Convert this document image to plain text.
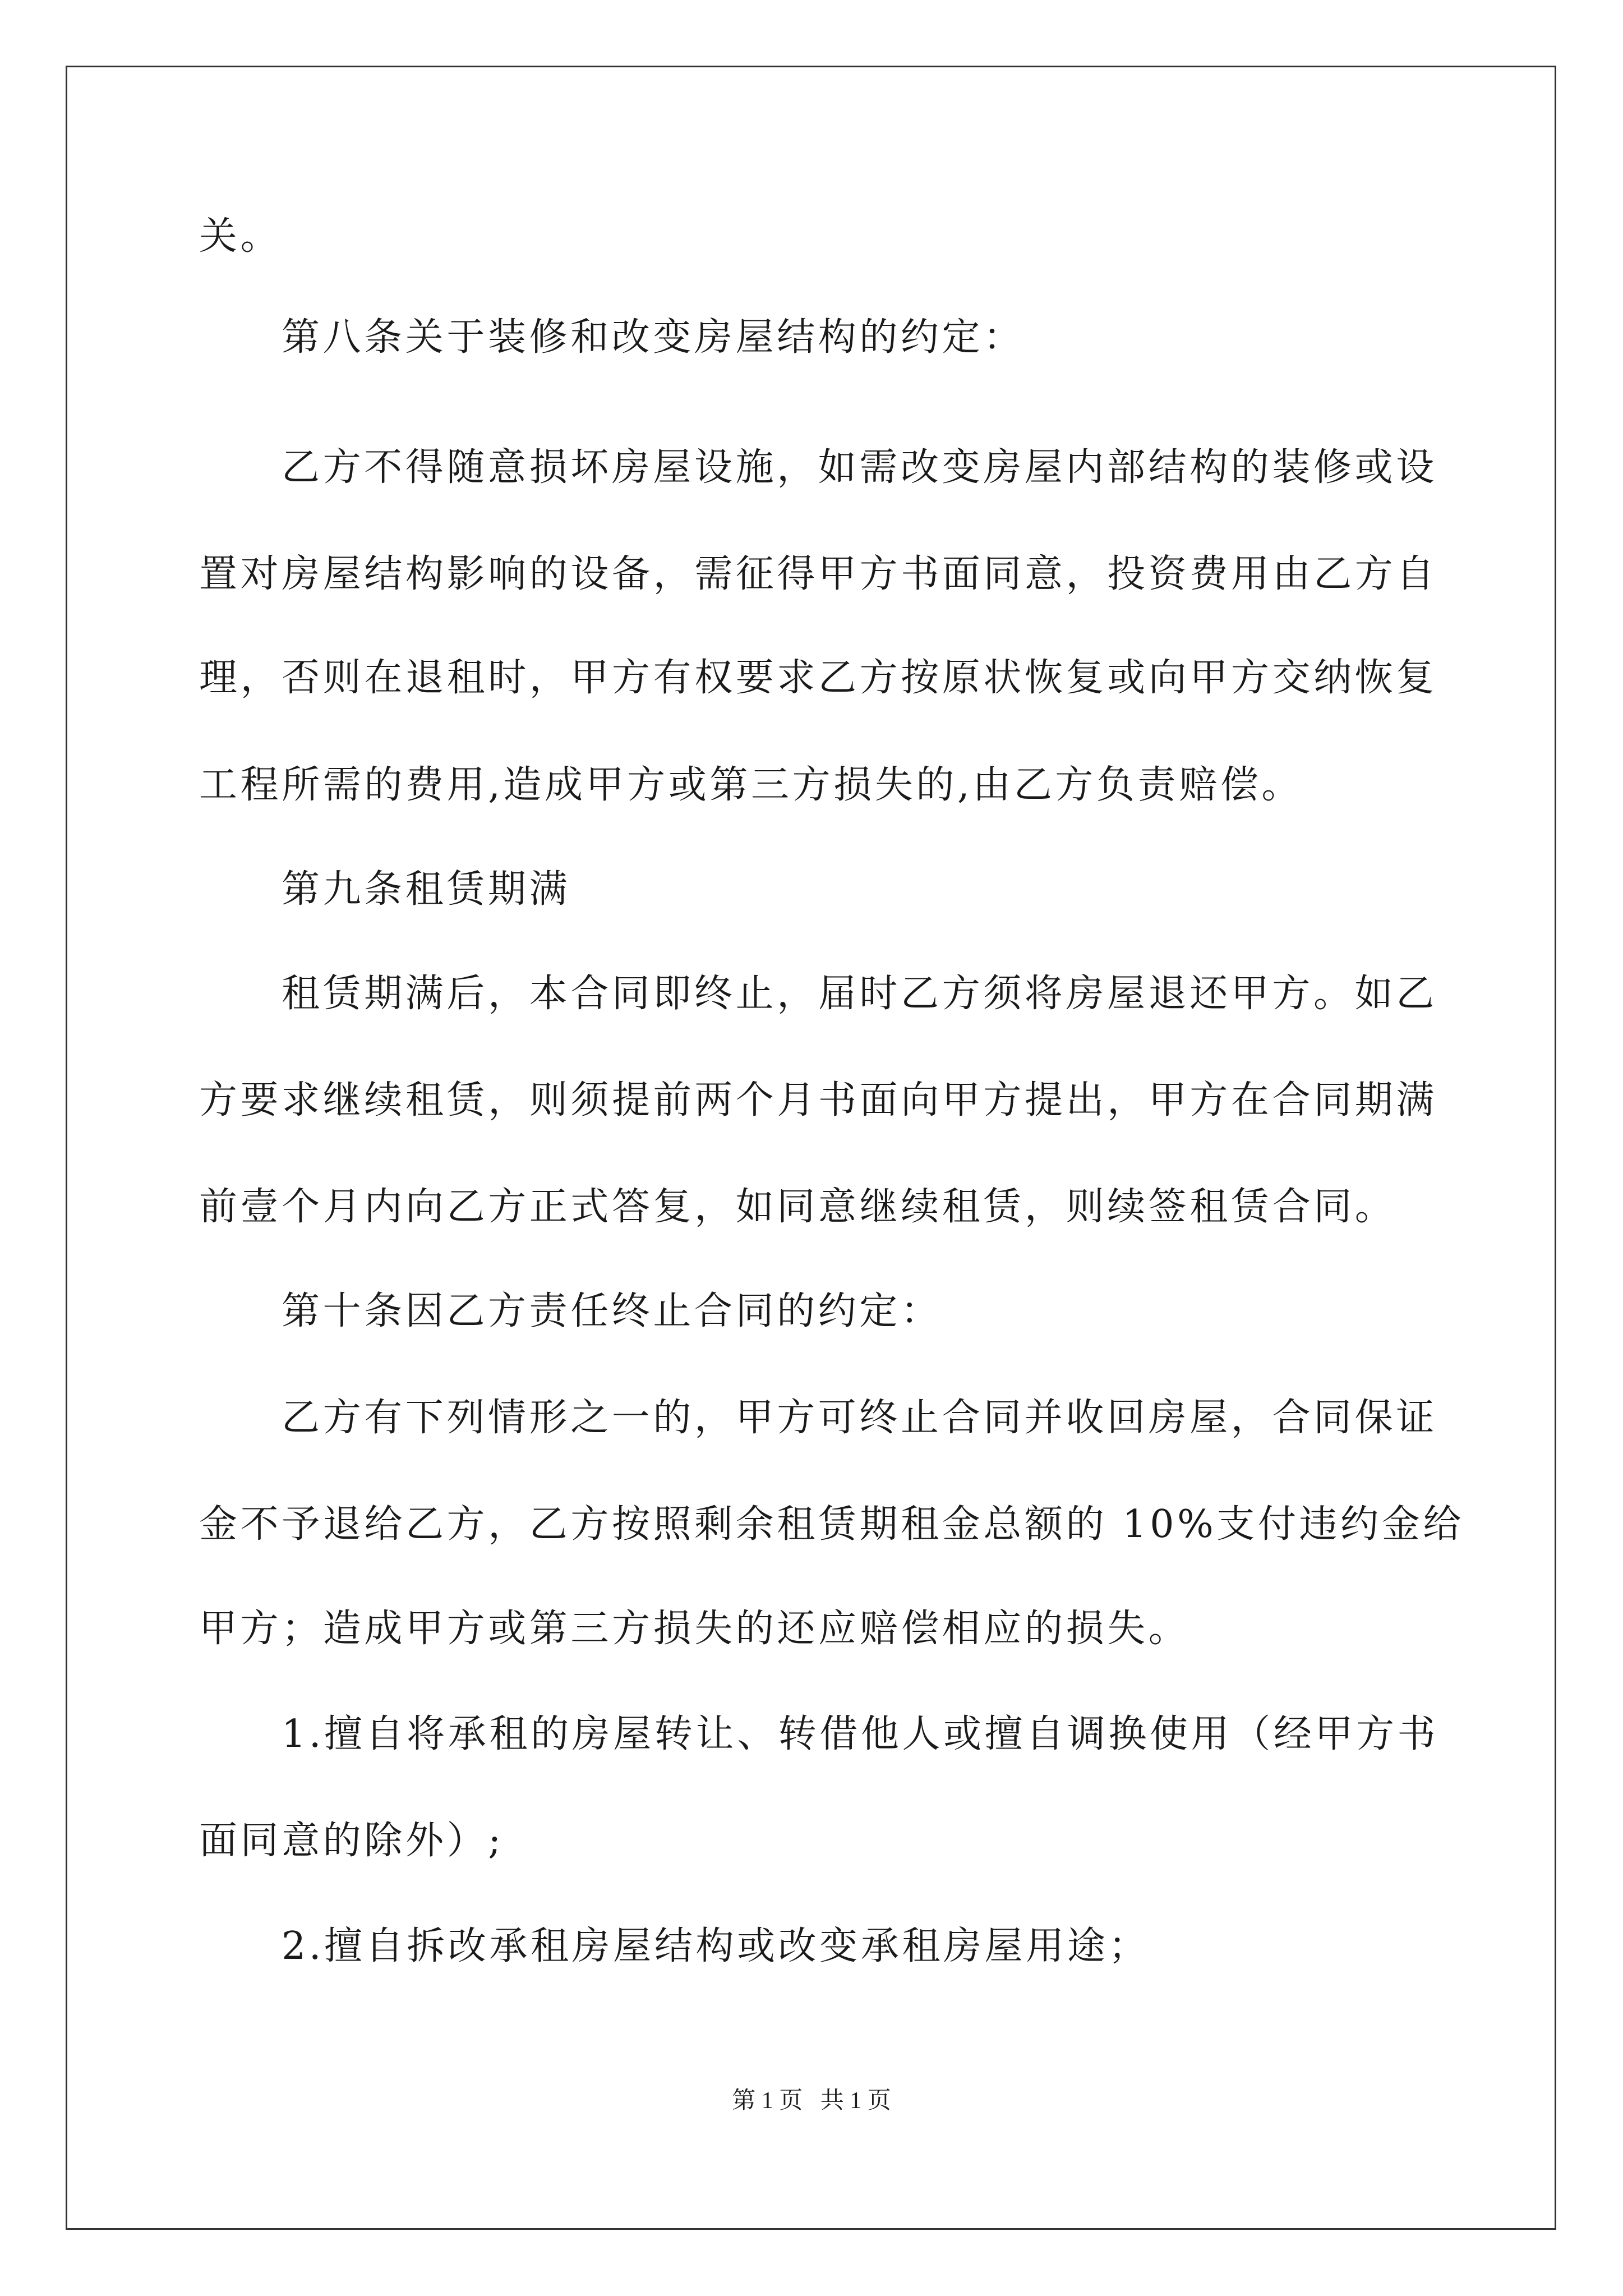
关。
第八条关于装修和改变房屋结构的约定：
乙方不得随意损坏房屋设施，如需改变房屋内部结构的装修或设
置对房屋结构影响的设备，需征得甲方书面同意，投资费用由乙方自
理，否则在退租时，甲方有权要求乙方按原状恢复或向甲方交纳恢复
工程所需的费用,造成甲方或第三方损失的,由乙方负责赔偿。
第九条租赁期满
租赁期满后，本合同即终止，届时乙方须将房屋退还甲方。如乙
方要求继续租赁，则须提前两个月书面向甲方提出，甲方在合同期满
前壹个月内向乙方正式答复，如同意继续租赁，则续签租赁合同。
第十条因乙方责任终止合同的约定：
乙方有下列情形之一的，甲方可终止合同并收回房屋，合同保证
金不予退给乙方，乙方按照剩余租赁期租金总额的 10%支付违约金给
甲方；造成甲方或第三方损失的还应赔偿相应的损失。
1.擅自将承租的房屋转让、转借他人或擅自调换使用（经甲方书
面同意的除外）;
2.擅自拆改承租房屋结构或改变承租房屋用途；
第 1 页   共 1 页
